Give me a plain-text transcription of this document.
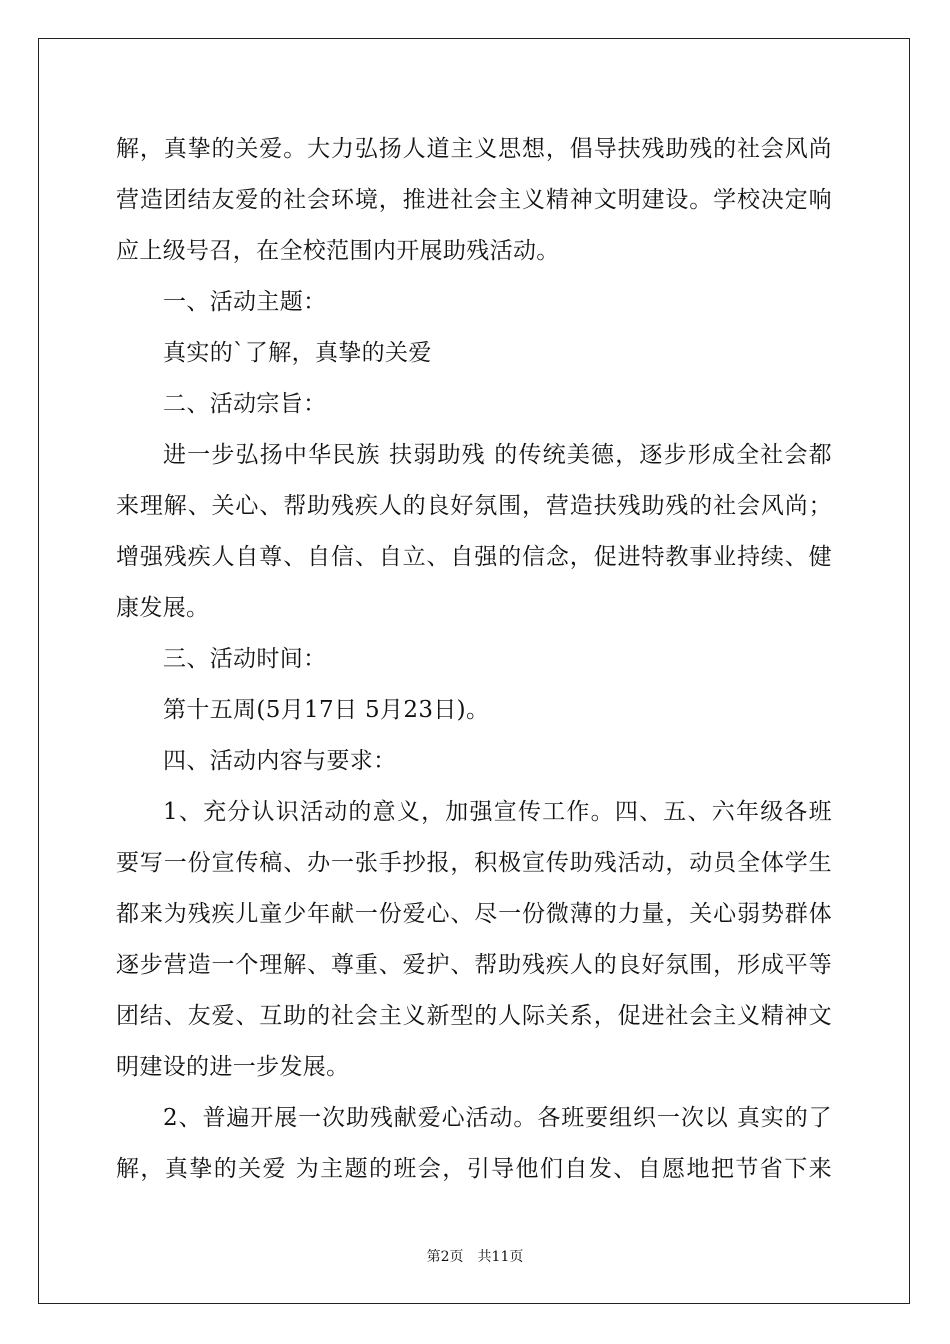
解，真挚的关爱。大力弘扬人道主义思想，倡导扶残助残的社会风尚
营造团结友爱的社会环境，推进社会主义精神文明建设。学校决定响
应上级号召，在全校范围内开展助残活动。
一、活动主题：
真实的`了解，真挚的关爱
二、活动宗旨：
进一步弘扬中华民族 扶弱助残 的传统美德，逐步形成全社会都
来理解、关心、帮助残疾人的良好氛围，营造扶残助残的社会风尚；
增强残疾人自尊、自信、自立、自强的信念，促进特教事业持续、健
康发展。
三、活动时间：
第十五周(5月17日 5月23日)。
四、活动内容与要求：
1、充分认识活动的意义，加强宣传工作。四、五、六年级各班
要写一份宣传稿、办一张手抄报，积极宣传助残活动，动员全体学生
都来为残疾儿童少年献一份爱心、尽一份微薄的力量，关心弱势群体
逐步营造一个理解、尊重、爱护、帮助残疾人的良好氛围，形成平等
团结、友爱、互助的社会主义新型的人际关系，促进社会主义精神文
明建设的进一步发展。
2、普遍开展一次助残献爱心活动。各班要组织一次以 真实的了
解，真挚的关爱 为主题的班会，引导他们自发、自愿地把节省下来
第2页　共11页
